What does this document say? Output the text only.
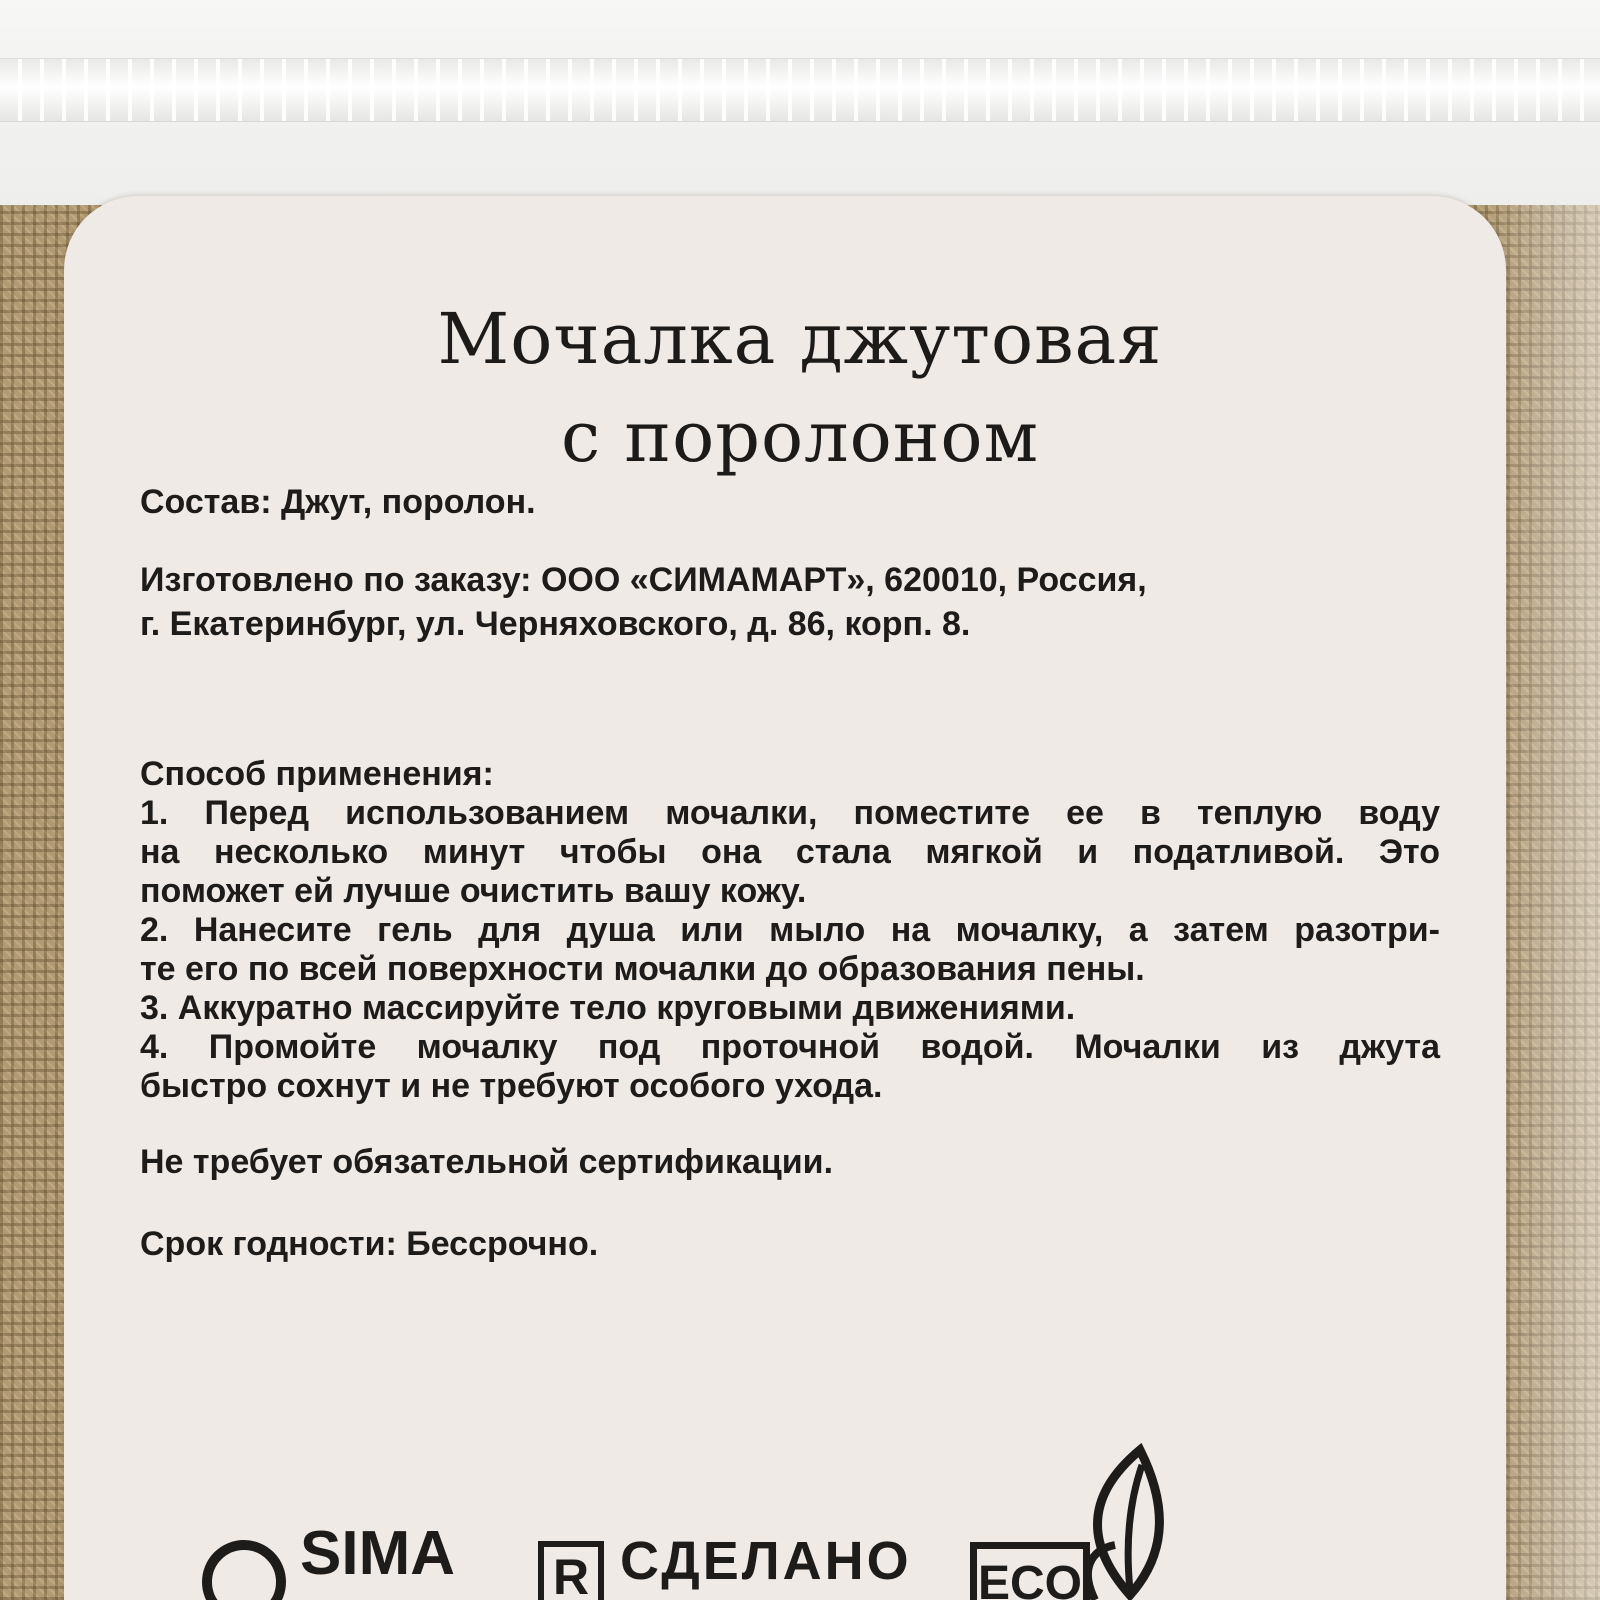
Мочалка джутовая
с поролоном

Состав: Джут, поролон.

Изготовлено по заказу: ООО «СИМАМАРТ», 620010, Россия,

г. Екатеринбург, ул. Черняховского, д. 86, корп. 8.

Способ применения:
1. Перед использованием мочалки, поместите ее в теплую воду
на несколько минут чтобы она стала мягкой и податливой. Это
поможет ей лучше очистить вашу кожу.
2. Нанесите гель для душа или мыло на мочалку, а затем разотри-
те его по всей поверхности мочалки до образования пены.
3. Аккуратно массируйте тело круговыми движениями.
4. Промойте мочалку под проточной водой. Мочалки из джута
быстро сохнут и не требуют особого ухода.

Не требует обязательной сертификации.

Срок годности: Бессрочно.

SIMA R СДЕЛАНО ECO
